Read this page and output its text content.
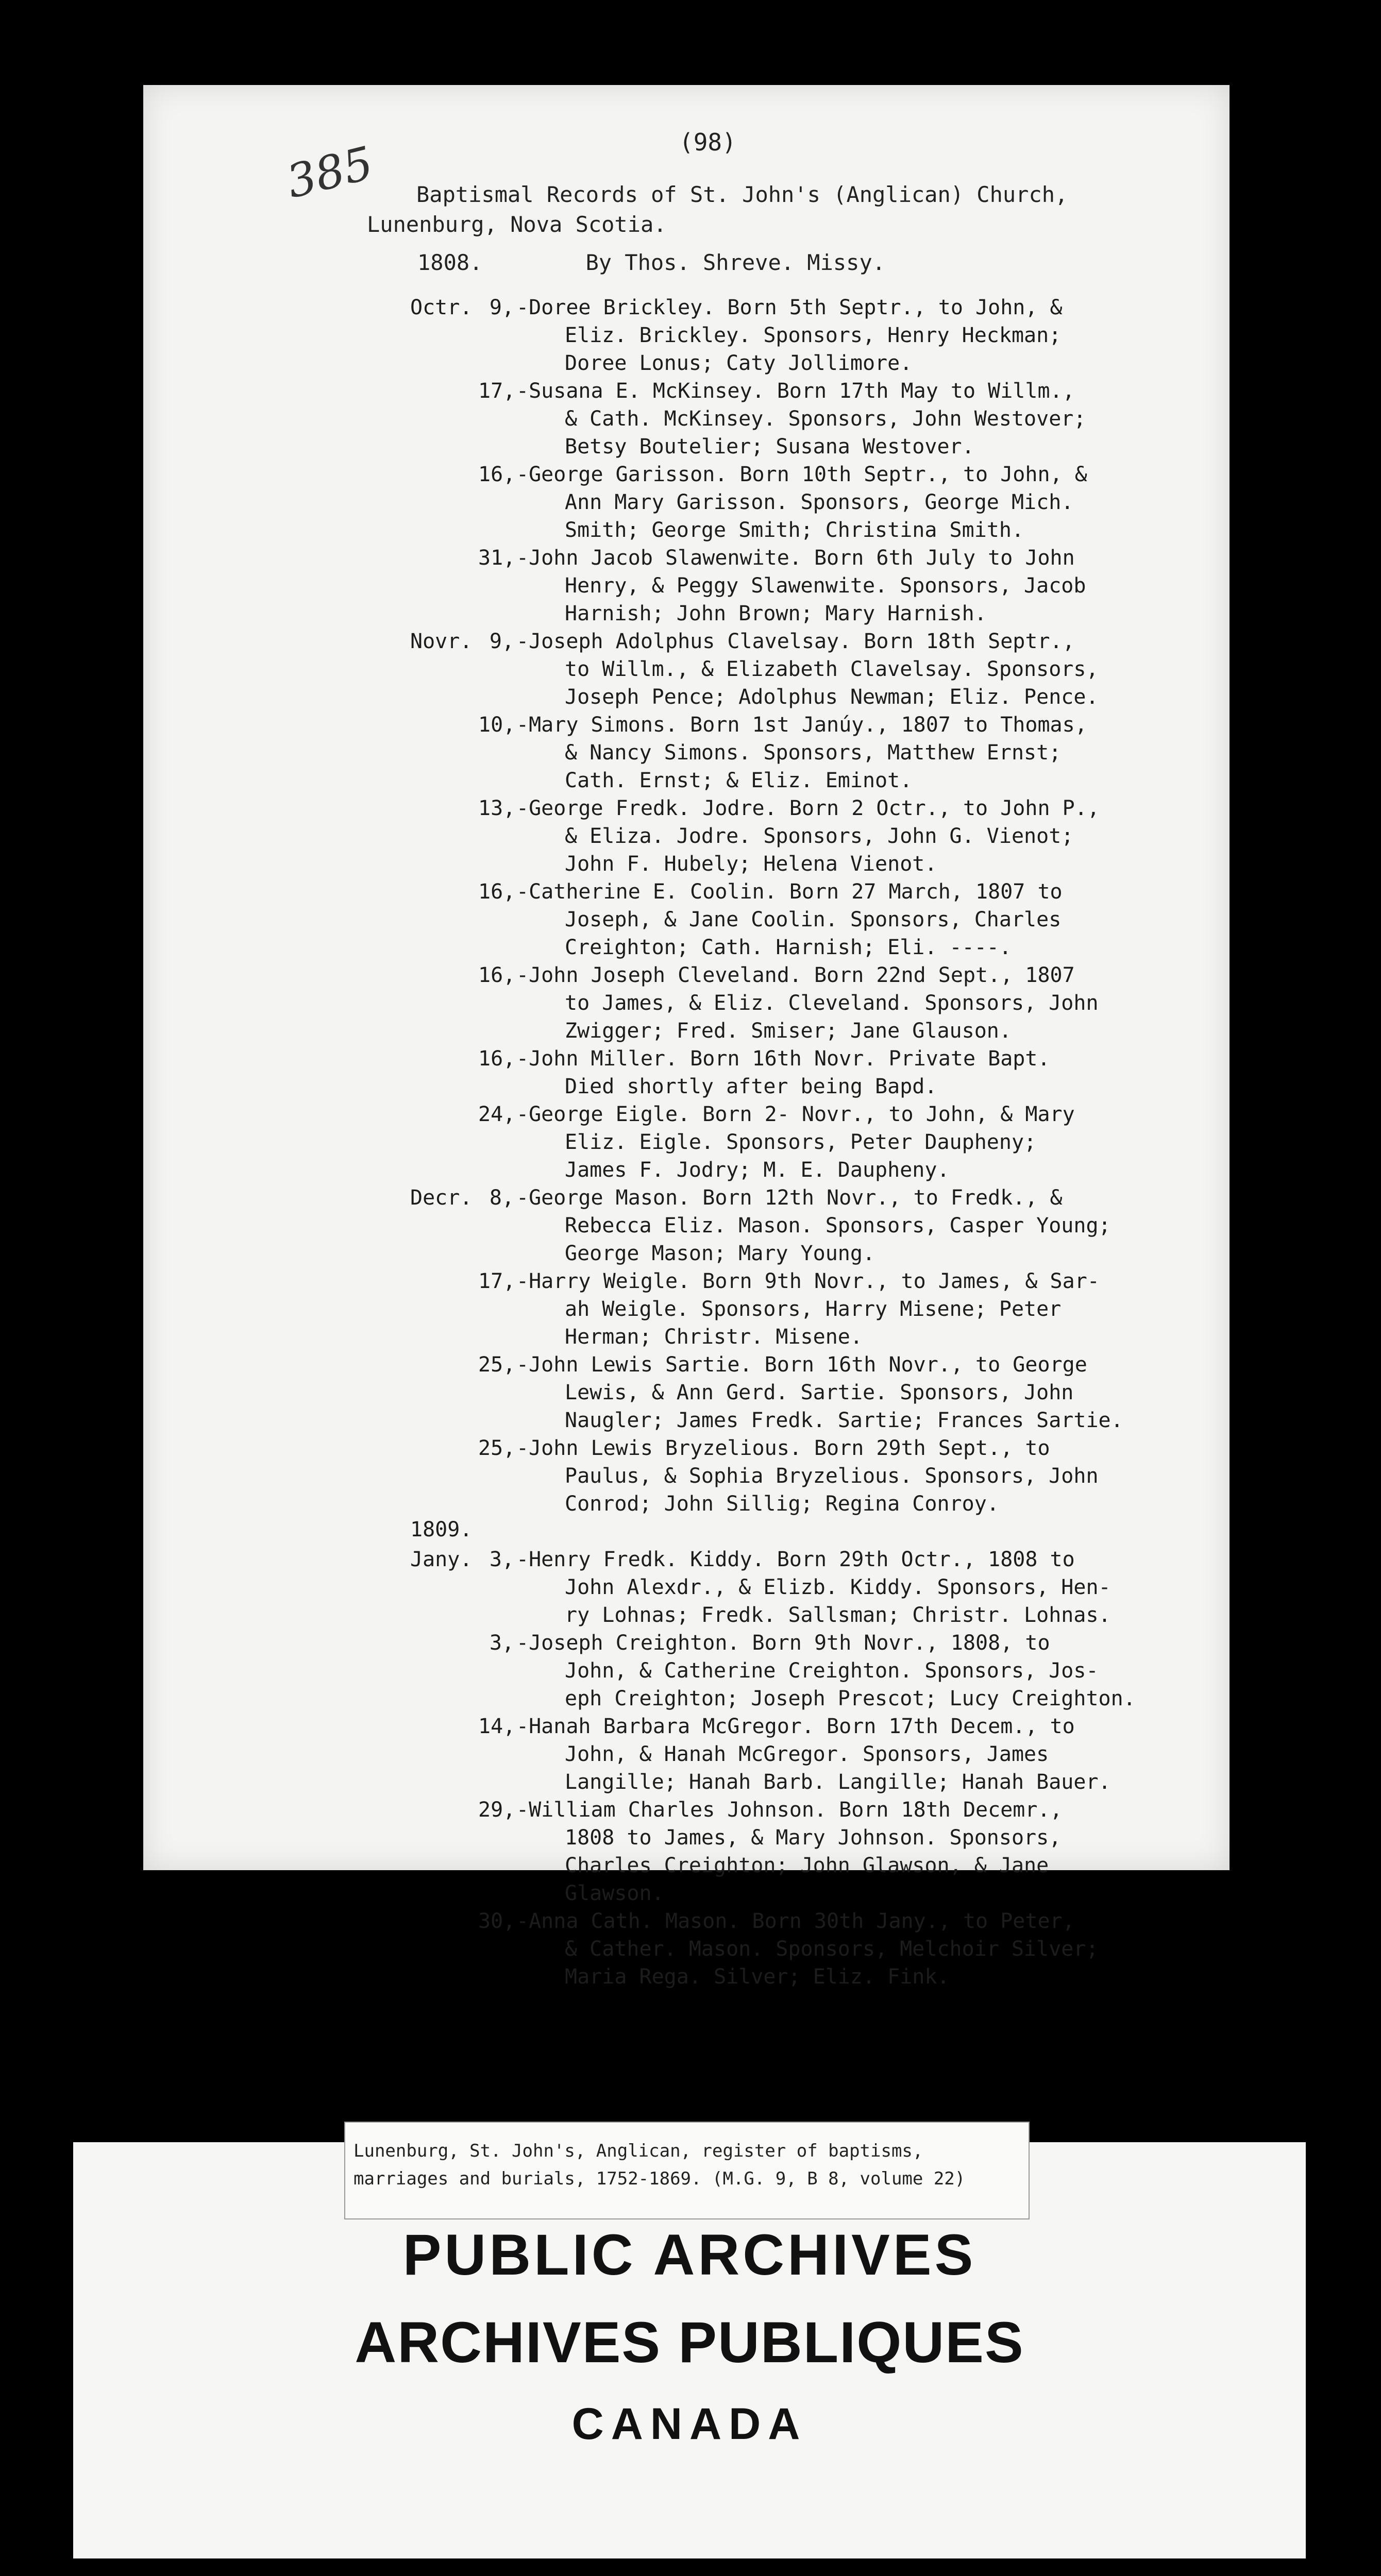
(98)
385 Baptismal Records of St. John's (Anglican) Church,

Lunenburg, Nova Scotia.
1808.	By Thos. Shreve. Missy.
Octr. 9, -Doree Brickley. Born 5th Septr., to John, &
Eliz. Brickley. Sponsors, Henry Heckman;
Doree Lonus; Caty Jollimore.
17, -Susana E. McKinsey. Born 17th May to Willm.,
& Cath. McKinsey. Sponsors, John Westover;
Betsy Boutelier; Susana Westover.
16, -George Garisson. Born 10th Septr., to John, &
Ann Mary Garisson. Sponsors, George Mich.
Smith; George Smith; Christina Smith.
31, -John Jacob Slawenwite. Born 6th July to John
Henry, & Peggy Slawenwite. Sponsors, Jacob
Harnish; John Brown; Mary Harnish.
Novr. 9, -Joseph Adolphus Clavelsay. Born 18th Septr.,
to Willm., & Elizabeth Clavelsay. Sponsors,
Joseph Pence; Adolphus Newman; Eliz. Pence.
10, -Mary Simons. Born 1st Janúy., 1807 to Thomas,
& Nancy Simons. Sponsors, Matthew Ernst;
Cath. Ernst; & Eliz. Eminot.
13, -George Fredk. Jodre. Born 2 Octr., to John P.,
& Eliza. Jodre. Sponsors, John G. Vienot;
John F. Hubely; Helena Vienot.
16, -Catherine E. Coolin. Born 27 March, 1807 to
Joseph, & Jane Coolin. Sponsors, Charles
Creighton; Cath. Harnish; Eli. ----.
16, -John Joseph Cleveland. Born 22nd Sept., 1807
to James, & Eliz. Cleveland. Sponsors, John
Zwigger; Fred. Smiser; Jane Glauson.
16, -John Miller. Born 16th Novr. Private Bapt.
Died shortly after being Bapd.
24, -George Eigle. Born 2- Novr., to John, & Mary
Eliz. Eigle. Sponsors, Peter Daupheny;
James F. Jodry; M. E. Daupheny.
Decr. 8, -George Mason. Born 12th Novr., to Fredk., &
Rebecca Eliz. Mason. Sponsors, Casper Young;
George Mason; Mary Young.
17, -Harry Weigle. Born 9th Novr., to James, & Sar-
ah Weigle. Sponsors, Harry Misene; Peter
Herman; Christr. Misene.
25, -John Lewis Sartie. Born 16th Novr., to George
Lewis, & Ann Gerd. Sartie. Sponsors, John
Naugler; James Fredk. Sartie; Frances Sartie.
25, -John Lewis Bryzelious. Born 29th Sept., to
Paulus, & Sophia Bryzelious. Sponsors, John
Conrod; John Sillig; Regina Conroy.
1809.
Jany. 3, -Henry Fredk. Kiddy. Born 29th Octr., 1808 to
John Alexdr., & Elizb. Kiddy. Sponsors, Hen-
ry Lohnas; Fredk. Sallsman; Christr. Lohnas.
3, -Joseph Creighton. Born 9th Novr., 1808, to
John, & Catherine Creighton. Sponsors, Jos-
eph Creighton; Joseph Prescot; Lucy Creighton.
14, -Hanah Barbara McGregor. Born 17th Decem., to
John, & Hanah McGregor. Sponsors, James
Langille; Hanah Barb. Langille; Hanah Bauer.
29, -William Charles Johnson. Born 18th Decemr.,
1808 to James, & Mary Johnson. Sponsors,
Charles Creighton; John Glawson, & Jane
Glawson.
30, -Anna Cath. Mason. Born 30th Jany., to Peter,
& Cather. Mason. Sponsors, Melchoir Silver;
Maria Rega. Silver; Eliz. Fink.
Lunenburg, St. John's, Anglican, register of baptisms,
marriages and burials, 1752-1869. (M.G. 9, B 8, volume 22)
PUBLIC ARCHIVES
ARCHIVES PUBLIQUES
CANADA
